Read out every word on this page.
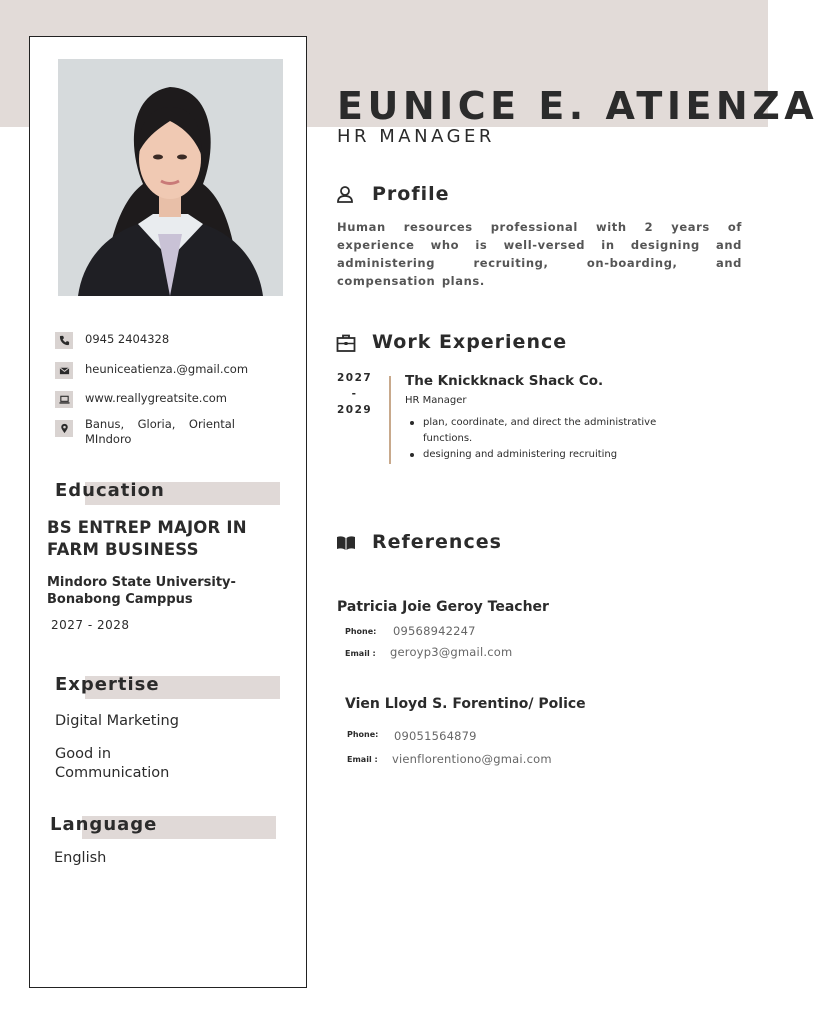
0945 2404328
heuniceatienza.@gmail.com
www.reallygreatsite.com
Banus, Gloria, Oriental MIndoro
Education
BS ENTREP MAJOR IN FARM BUSINESS
Mindoro State University- Bonabong Camppus
2027 - 2028
Expertise
Digital Marketing
Good in Communication
Language
English
EUNICE E. ATIENZA
HR MANAGER
Profile
Human resources professional with 2 years of experience who is well-versed in designing and administering recruiting, on-boarding, and compensation plans.
Work Experience
2027
-
2029
The Knickknack Shack Co.
HR Manager
plan, coordinate, and direct the administrative functions.
designing and administering recruiting
References
Patricia Joie Geroy Teacher
Phone: 09568942247
Email : geroyp3@gmail.com
Vien Lloyd S. Forentino/ Police
Phone: 09051564879
Email : vienflorentiono@gmai.com
